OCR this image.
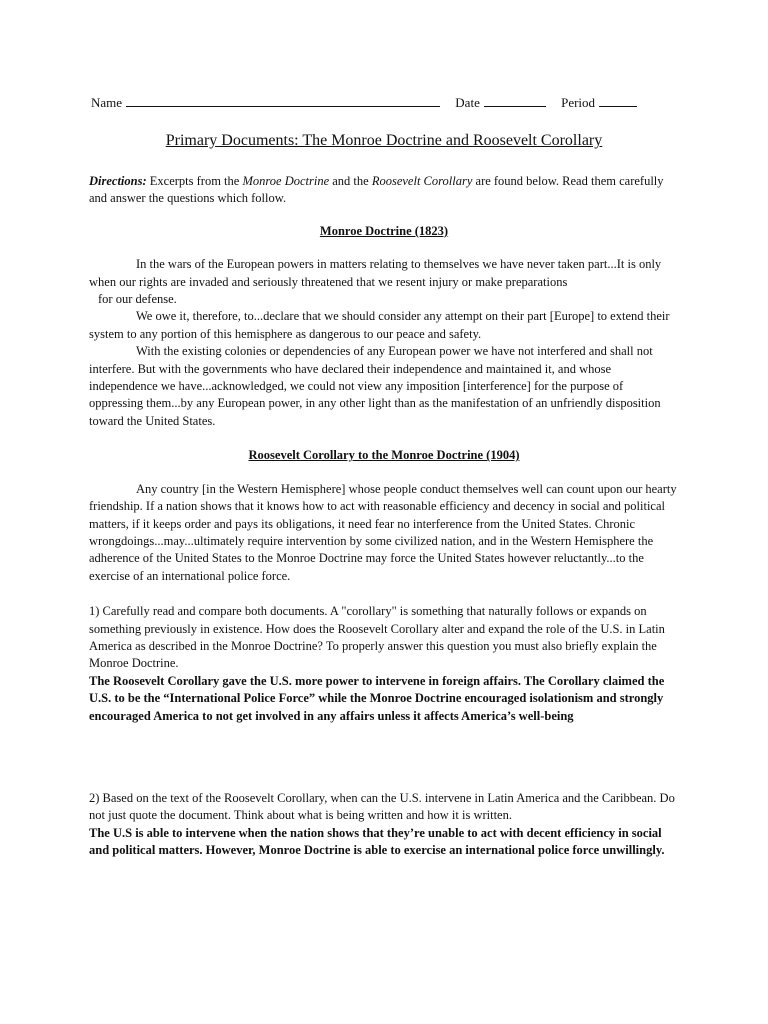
Name	Date	Period
Primary Documents: The Monroe Doctrine and Roosevelt Corollary

Directions: Excerpts from the Monroe Doctrine and the Roosevelt Corollary are found below. Read them carefully and answer the questions which follow.

Monroe Doctrine (1823)

In the wars of the European powers in matters relating to themselves we have never taken part...It is only when our rights are invaded and seriously threatened that we resent injury or make preparations

for our defense.

We owe it, therefore, to...declare that we should consider any attempt on their part [Europe] to extend their system to any portion of this hemisphere as dangerous to our peace and safety.

With the existing colonies or dependencies of any European power we have not interfered and shall not interfere. But with the governments who have declared their independence and maintained it, and whose independence we have...acknowledged, we could not view any imposition [interference] for the purpose of oppressing them...by any European power, in any other light than as the manifestation of an unfriendly disposition toward the United States.

Roosevelt Corollary to the Monroe Doctrine (1904)

Any country [in the Western Hemisphere] whose people conduct themselves well can count upon our hearty friendship. If a nation shows that it knows how to act with reasonable efficiency and decency in social and political matters, if it keeps order and pays its obligations, it need fear no interference from the United States. Chronic wrongdoings...may...ultimately require intervention by some civilized nation, and in the Western Hemisphere the adherence of the United States to the Monroe Doctrine may force the United States however reluctantly...to the exercise of an international police force.

1) Carefully read and compare both documents. A "corollary" is something that naturally follows or expands on something previously in existence. How does the Roosevelt Corollary alter and expand the role of the U.S. in Latin America as described in the Monroe Doctrine? To properly answer this question you must also briefly explain the Monroe Doctrine.

The Roosevelt Corollary gave the U.S. more power to intervene in foreign affairs. The Corollary claimed the U.S. to be the “International Police Force” while the Monroe Doctrine encouraged isolationism and strongly encouraged America to not get involved in any affairs unless it affects America’s well-being

2) Based on the text of the Roosevelt Corollary, when can the U.S. intervene in Latin America and the Caribbean. Do not just quote the document. Think about what is being written and how it is written.

The U.S is able to intervene when the nation shows that they’re unable to act with decent efficiency in social and political matters. However, Monroe Doctrine is able to exercise an international police force unwillingly.
